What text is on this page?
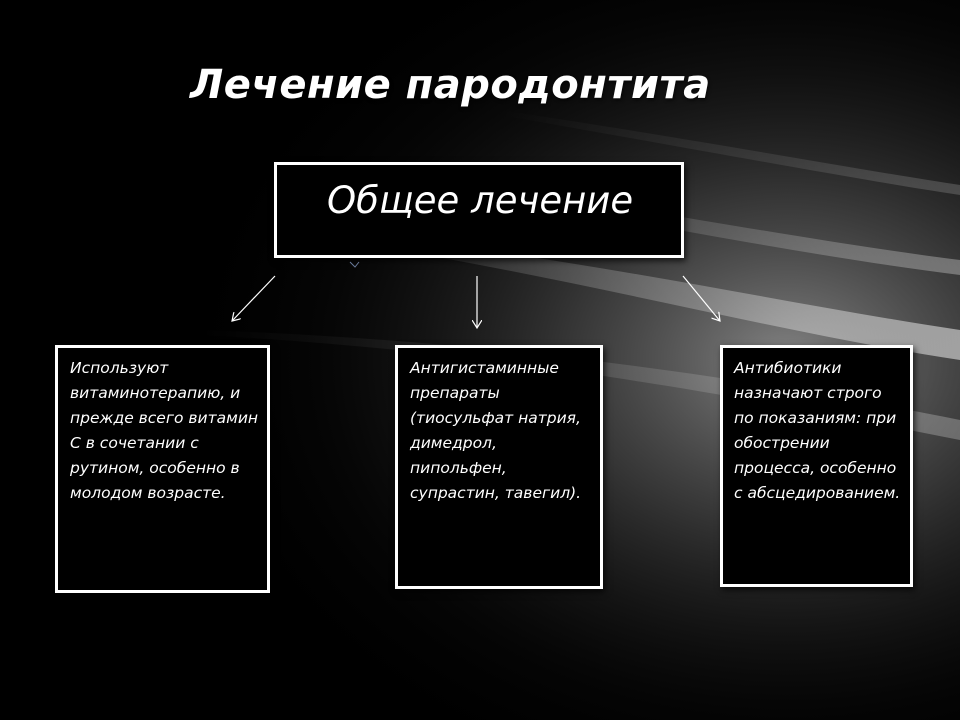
Лечение пародонтита
Общее лечение
Используют витаминотерапию, и прежде всего витамин С в сочетании с рутином, особенно в молодом возрасте.
Антигистаминные препараты (тиосульфат натрия, димедрол, пипольфен, супрастин, тавегил).
Антибиотики назначают строго по показаниям: при обострении процесса, особенно с абсцедированием.
